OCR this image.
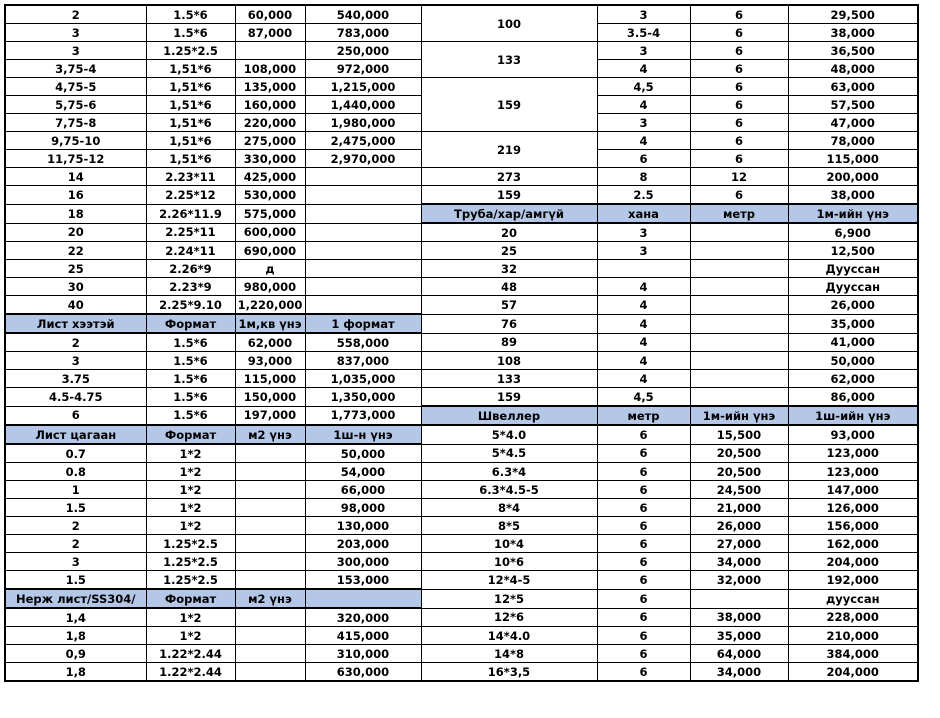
2	1.5*6	60,000	540,000	100	3	6	29,500
3	1.5*6	87,000	783,000		3.5-4	6	38,000
3	1.25*2.5		250,000	133	3	6	36,500
3,75-4	1,51*6	108,000	972,000		4	6	48,000
4,75-5	1,51*6	135,000	1,215,000	159	4,5	6	63,000
5,75-6	1,51*6	160,000	1,440,000		4	6	57,500
7,75-8	1,51*6	220,000	1,980,000		3	6	47,000
9,75-10	1,51*6	275,000	2,475,000	219	4	6	78,000
11,75-12	1,51*6	330,000	2,970,000		6	6	115,000
14	2.23*11	425,000		273	8	12	200,000
16	2.25*12	530,000		159	2.5	6	38,000
18	2.26*11.9	575,000		Труба/хар/амгүй	хана	метр	1м-ийн үнэ
20	2.25*11	600,000		20	3		6,900
22	2.24*11	690,000		25	3		12,500
25	2.26*9	д		32			Дууссан
30	2.23*9	980,000		48	4		Дууссан
40	2.25*9.10	1,220,000		57	4		26,000
Лист хээтэй	Формат	1м,кв үнэ	1 формат	76	4		35,000
2	1.5*6	62,000	558,000	89	4		41,000
3	1.5*6	93,000	837,000	108	4		50,000
3.75	1.5*6	115,000	1,035,000	133	4		62,000
4.5-4.75	1.5*6	150,000	1,350,000	159	4,5		86,000
6	1.5*6	197,000	1,773,000	Швеллер	метр	1м-ийн үнэ	1ш-ийн үнэ
Лист цагаан	Формат	м2 үнэ	1ш-н үнэ	5*4.0	6	15,500	93,000
0.7	1*2		50,000	5*4.5	6	20,500	123,000
0.8	1*2		54,000	6.3*4	6	20,500	123,000
1	1*2		66,000	6.3*4.5-5	6	24,500	147,000
1.5	1*2		98,000	8*4	6	21,000	126,000
2	1*2		130,000	8*5	6	26,000	156,000
2	1.25*2.5		203,000	10*4	6	27,000	162,000
3	1.25*2.5		300,000	10*6	6	34,000	204,000
1.5	1.25*2.5		153,000	12*4-5	6	32,000	192,000
Нерж лист/SS304/	Формат	м2 үнэ		12*5	6		дууссан
1,4	1*2		320,000	12*6	6	38,000	228,000
1,8	1*2		415,000	14*4.0	6	35,000	210,000
0,9	1.22*2.44		310,000	14*8	6	64,000	384,000
1,8	1.22*2.44		630,000	16*3,5	6	34,000	204,000
